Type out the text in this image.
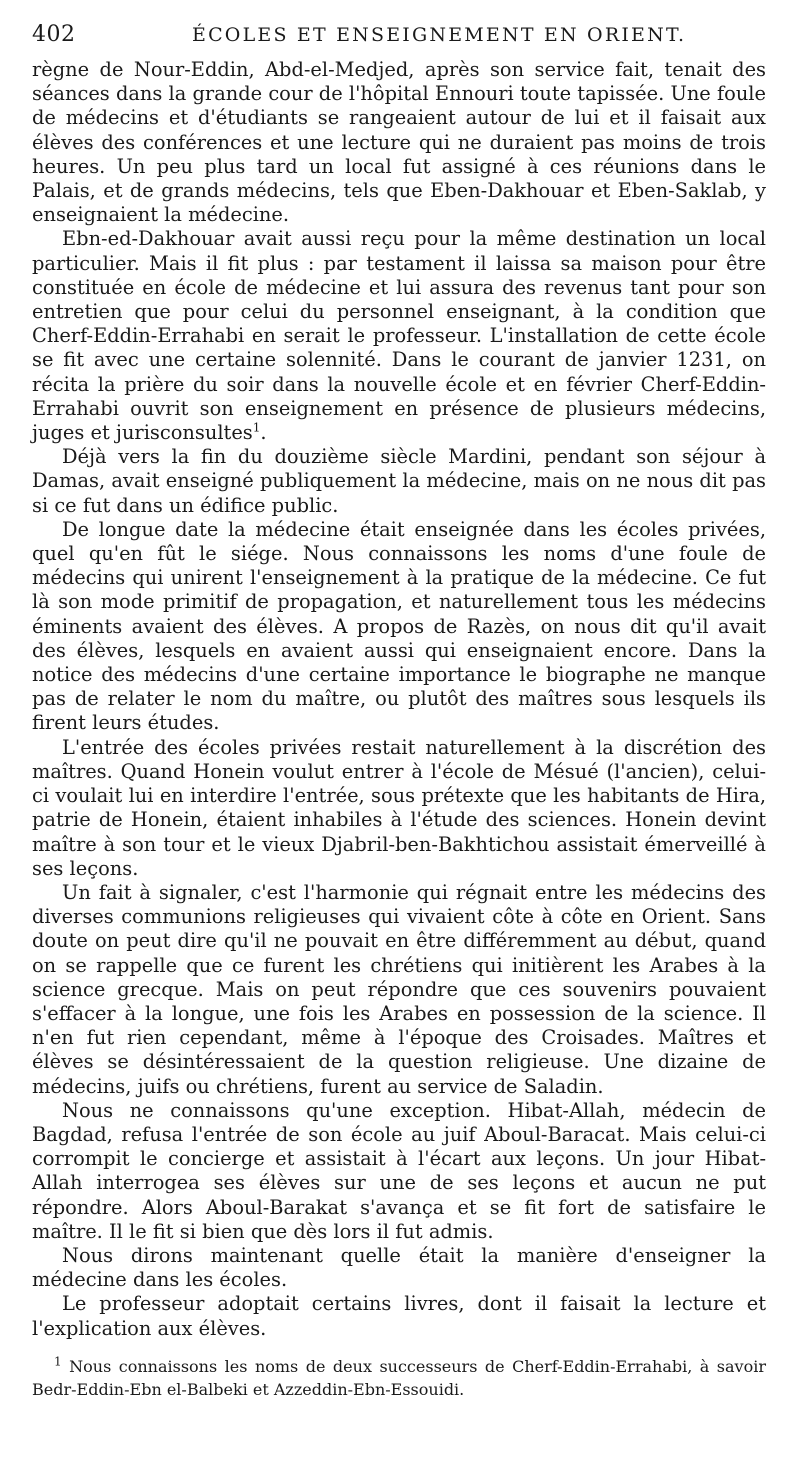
402	ÉCOLES ET ENSEIGNEMENT EN ORIENT.

règne de Nour-Eddin, Abd-el-Medjed, après son service fait, tenait des séances dans la grande cour de l'hôpital Ennouri toute tapissée. Une foule de médecins et d'étudiants se rangeaient autour de lui et il faisait aux élèves des conférences et une lecture qui ne duraient pas moins de trois heures. Un peu plus tard un local fut assigné à ces réunions dans le Palais, et de grands médecins, tels que Eben-Dakhouar et Eben-Saklab, y enseignaient la médecine.

Ebn-ed-Dakhouar avait aussi reçu pour la même destination un local particulier. Mais il fit plus : par testament il laissa sa maison pour être constituée en école de médecine et lui assura des revenus tant pour son entretien que pour celui du personnel enseignant, à la condition que Cherf-Eddin-Errahabi en serait le professeur. L'installation de cette école se fit avec une certaine solennité. Dans le courant de janvier 1231, on récita la prière du soir dans la nouvelle école et en février Cherf-Eddin-Errahabi ouvrit son enseignement en présence de plusieurs médecins, juges et jurisconsultes$^1$.

Déjà vers la fin du douzième siècle Mardini, pendant son séjour à Damas, avait enseigné publiquement la médecine, mais on ne nous dit pas si ce fut dans un édifice public.

De longue date la médecine était enseignée dans les écoles privées, quel qu'en fût le siége. Nous connaissons les noms d'une foule de médecins qui unirent l'enseignement à la pratique de la médecine. Ce fut là son mode primitif de propagation, et naturellement tous les médecins éminents avaient des élèves. A propos de Razès, on nous dit qu'il avait des élèves, lesquels en avaient aussi qui enseignaient encore. Dans la notice des médecins d'une certaine importance le biographe ne manque pas de relater le nom du maître, ou plutôt des maîtres sous lesquels ils firent leurs études.

L'entrée des écoles privées restait naturellement à la discrétion des maîtres. Quand Honein voulut entrer à l'école de Mésué (l'ancien), celui-ci voulait lui en interdire l'entrée, sous prétexte que les habitants de Hira, patrie de Honein, étaient inhabiles à l'étude des sciences. Honein devint maître à son tour et le vieux Djabril-ben-Bakhtichou assistait émerveillé à ses leçons.

Un fait à signaler, c'est l'harmonie qui régnait entre les médecins des diverses communions religieuses qui vivaient côte à côte en Orient. Sans doute on peut dire qu'il ne pouvait en être différemment au début, quand on se rappelle que ce furent les chrétiens qui initièrent les Arabes à la science grecque. Mais on peut répondre que ces souvenirs pouvaient s'effacer à la longue, une fois les Arabes en possession de la science. Il n'en fut rien cependant, même à l'époque des Croisades. Maîtres et élèves se désintéressaient de la question religieuse. Une dizaine de médecins, juifs ou chrétiens, furent au service de Saladin.

Nous ne connaissons qu'une exception. Hibat-Allah, médecin de Bagdad, refusa l'entrée de son école au juif Aboul-Baracat. Mais celui-ci corrompit le concierge et assistait à l'écart aux leçons. Un jour Hibat-Allah interrogea ses élèves sur une de ses leçons et aucun ne put répondre. Alors Aboul-Barakat s'avança et se fit fort de satisfaire le maître. Il le fit si bien que dès lors il fut admis.

Nous dirons maintenant quelle était la manière d'enseigner la médecine dans les écoles.

Le professeur adoptait certains livres, dont il faisait la lecture et l'explication aux élèves.

$^1$ Nous connaissons les noms de deux successeurs de Cherf-Eddin-Errahabi, à savoir Bedr-Eddin-Ebn el-Balbeki et Azzeddin-Ebn-Essouidi.
